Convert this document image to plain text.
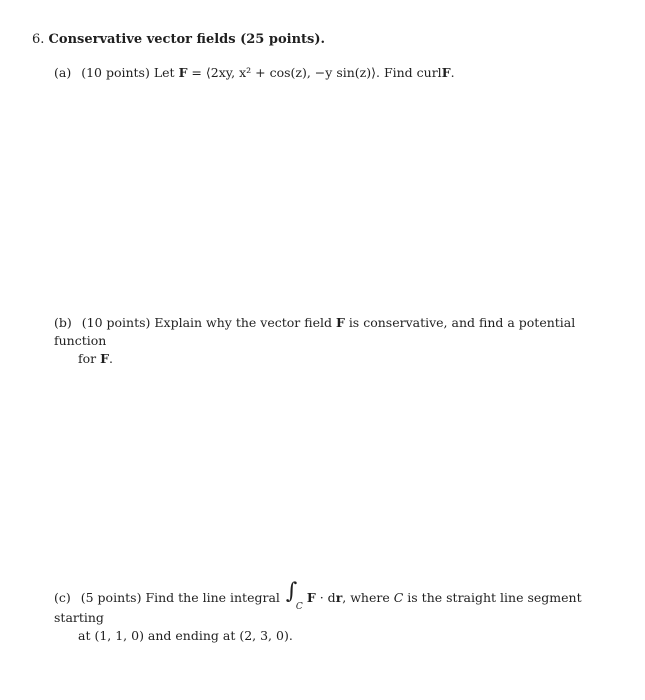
6. Conservative vector fields (25 points).
(a) (10 points) Let F = ⟨2xy, x² + cos(z), −y sin(z)⟩. Find curlF.
(b) (10 points) Explain why the vector field F is conservative, and find a potential function
for F.
(c) (5 points) Find the line integral ∫
C
F · dr, where C is the straight line segment starting
at (1, 1, 0) and ending at (2, 3, 0).
